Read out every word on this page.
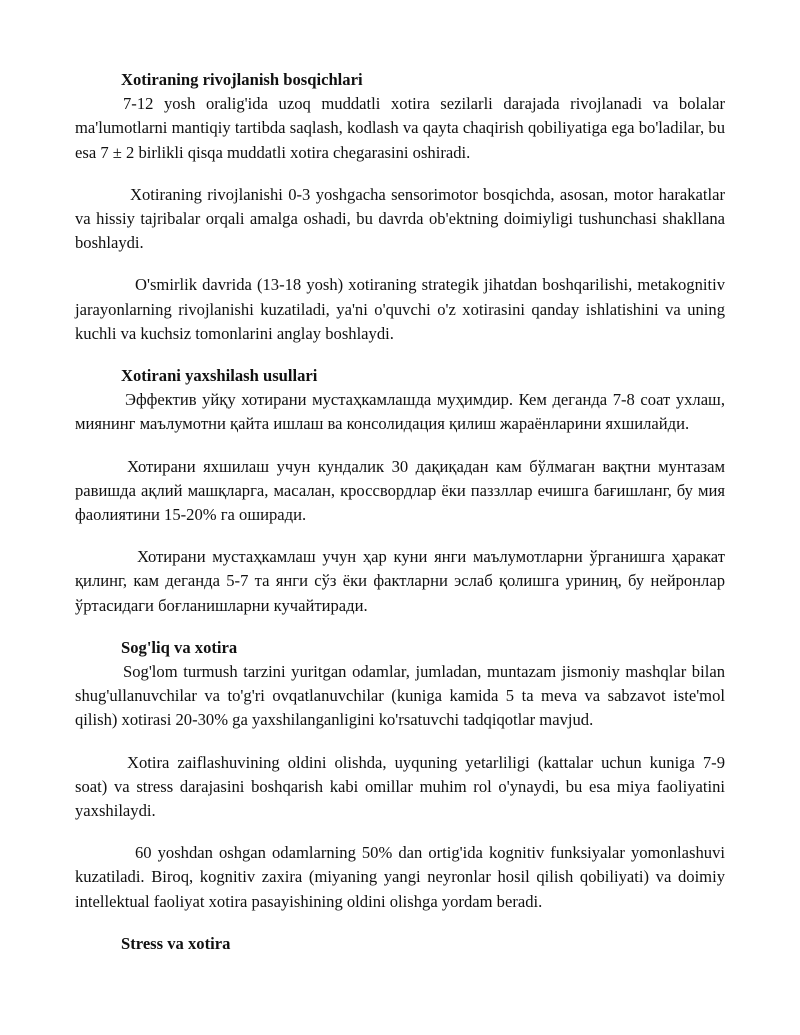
Xotiraning rivojlanish bosqichlari

7-12 yosh oralig'ida uzoq muddatli xotira sezilarli darajada rivojlanadi va bolalar ma'lumotlarni mantiqiy tartibda saqlash, kodlash va qayta chaqirish qobiliyatiga ega bo'ladilar, bu esa 7 ± 2 birlikli qisqa muddatli xotira chegarasini oshiradi.

Xotiraning rivojlanishi 0-3 yoshgacha sensorimotor bosqichda, asosan, motor harakatlar va hissiy tajribalar orqali amalga oshadi, bu davrda ob'ektning doimiyligi tushunchasi shakllana boshlaydi.

O'smirlik davrida (13-18 yosh) xotiraning strategik jihatdan boshqarilishi, metakognitiv jarayonlarning rivojlanishi kuzatiladi, ya'ni o'quvchi o'z xotirasini qanday ishlatishini va uning kuchli va kuchsiz tomonlarini anglay boshlaydi.

Xotirani yaxshilash usullari

Эффектив уйқу хотирани мустаҳкамлашда муҳимдир. Кем деганда 7-8 соат ухлаш, миянинг маълумотни қайта ишлаш ва консолидация қилиш жараёнларини яхшилайди.

Хотирани яхшилаш учун кундалик 30 дақиқадан кам бўлмаган вақтни мунтазам равишда ақлий машқларга, масалан, кроссвордлар ёки паззллар ечишга бағишланг, бу мия фаолиятини 15-20% га оширади.

Хотирани мустаҳкамлаш учун ҳар куни янги маълумотларни ўрганишга ҳаракат қилинг, кам деганда 5-7 та янги сўз ёки фактларни эслаб қолишга уриниң, бу нейронлар ўртасидаги боғланишларни кучайтиради.

Sog'liq va xotira

Sog'lom turmush tarzini yuritgan odamlar, jumladan, muntazam jismoniy mashqlar bilan shug'ullanuvchilar va to'g'ri ovqatlanuvchilar (kuniga kamida 5 ta meva va sabzavot iste'mol qilish) xotirasi 20-30% ga yaxshilanganligini ko'rsatuvchi tadqiqotlar mavjud.

Xotira zaiflashuvining oldini olishda, uyquning yetarliligi (kattalar uchun kuniga 7-9 soat) va stress darajasini boshqarish kabi omillar muhim rol o'ynaydi, bu esa miya faoliyatini yaxshilaydi.

60 yoshdan oshgan odamlarning 50% dan ortig'ida kognitiv funksiyalar yomonlashuvi kuzatiladi. Biroq, kognitiv zaxira (miyaning yangi neyronlar hosil qilish qobiliyati) va doimiy intellektual faoliyat xotira pasayishining oldini olishga yordam beradi.

Stress va xotira
